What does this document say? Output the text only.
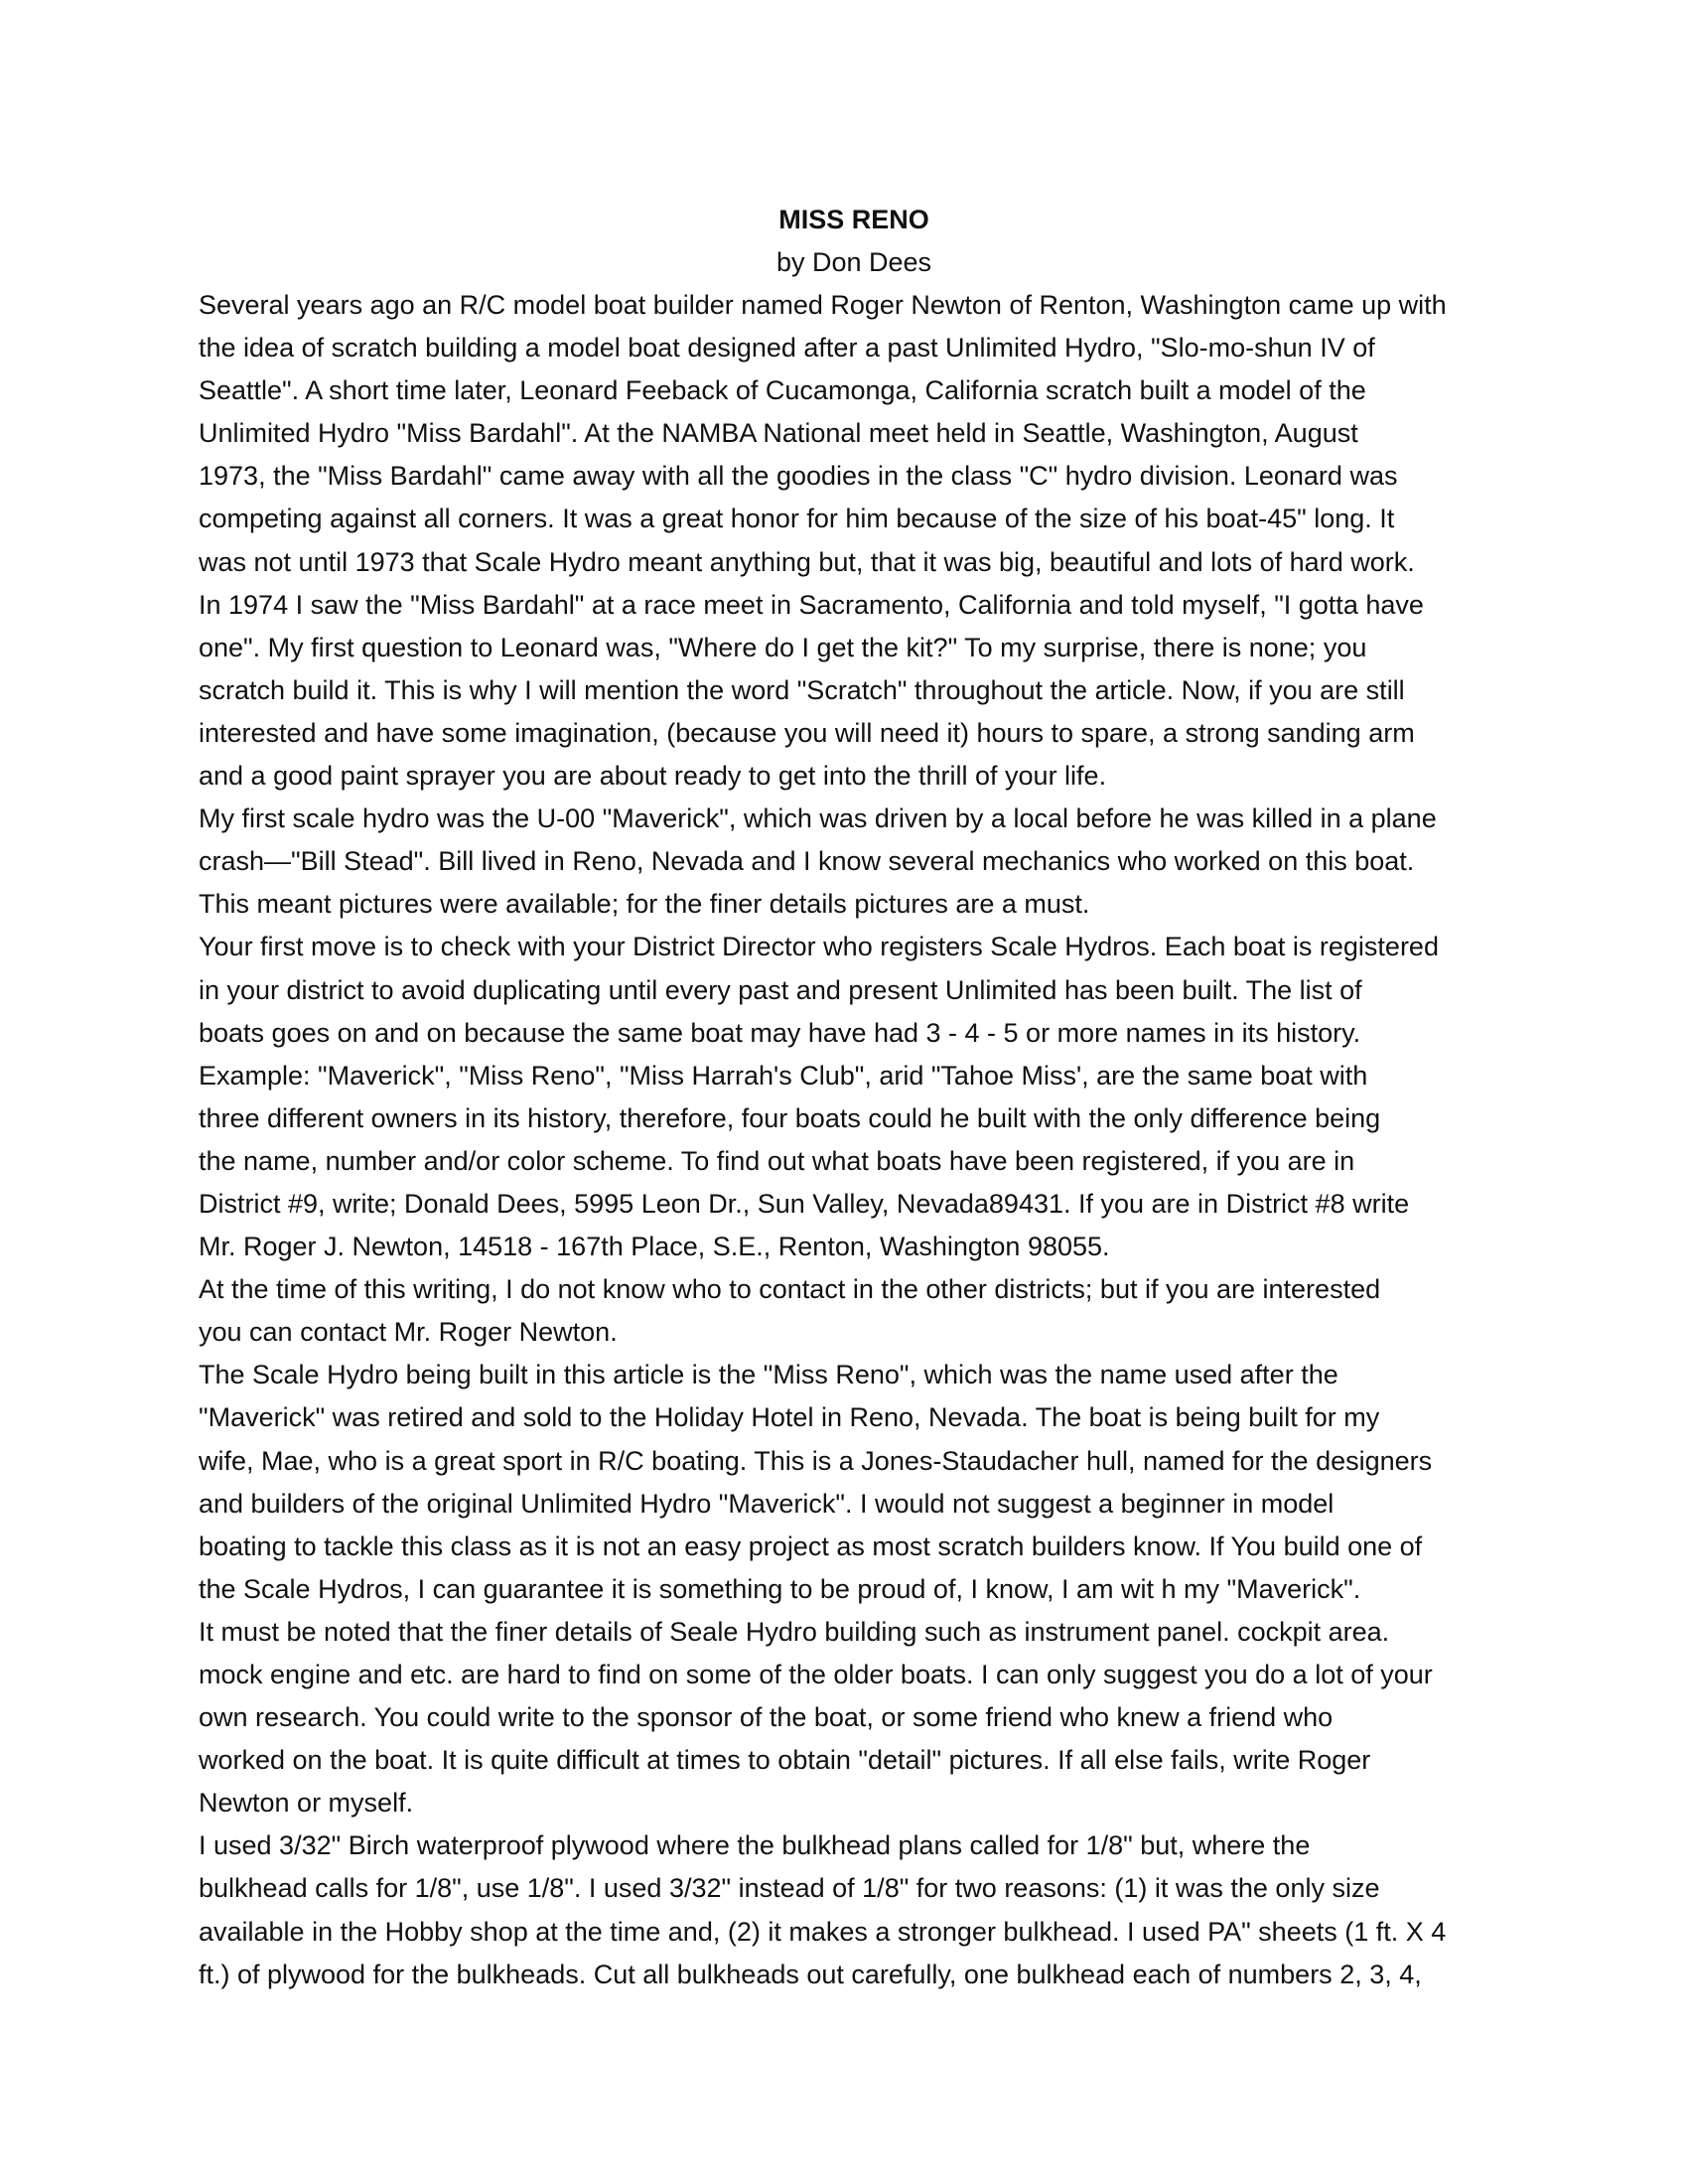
MISS RENO

by Don Dees

Several years ago an R/C model boat builder named Roger Newton of Renton, Washington came up with
the idea of scratch building a model boat designed after a past Unlimited Hydro, "Slo-mo-shun IV of
Seattle". A short time later, Leonard Feeback of Cucamonga, California scratch built a model of the
Unlimited Hydro "Miss Bardahl". At the NAMBA National meet held in Seattle, Washington, August
1973, the "Miss Bardahl" came away with all the goodies in the class "C" hydro division. Leonard was
competing against all corners. It was a great honor for him because of the size of his boat-45" long. It
was not until 1973 that Scale Hydro meant anything but, that it was big, beautiful and lots of hard work.
In 1974 I saw the "Miss Bardahl" at a race meet in Sacramento, California and told myself, "I gotta have
one". My first question to Leonard was, "Where do I get the kit?" To my surprise, there is none; you
scratch build it. This is why I will mention the word "Scratch" throughout the article. Now, if you are still
interested and have some imagination, (because you will need it) hours to spare, a strong sanding arm
and a good paint sprayer you are about ready to get into the thrill of your life.
My first scale hydro was the U-00 "Maverick", which was driven by a local before he was killed in a plane
crash—"Bill Stead". Bill lived in Reno, Nevada and I know several mechanics who worked on this boat.
This meant pictures were available; for the finer details pictures are a must.
Your first move is to check with your District Director who registers Scale Hydros. Each boat is registered
in your district to avoid duplicating until every past and present Unlimited has been built. The list of
boats goes on and on because the same boat may have had 3 - 4 - 5 or more names in its history.
Example: "Maverick", "Miss Reno", "Miss Harrah's Club", arid "Tahoe Miss', are the same boat with
three different owners in its history, therefore, four boats could he built with the only difference being
the name, number and/or color scheme. To find out what boats have been registered, if you are in
District #9, write; Donald Dees, 5995 Leon Dr., Sun Valley, Nevada89431. If you are in District #8 write
Mr. Roger J. Newton, 14518 - 167th Place, S.E., Renton, Washington 98055.
At the time of this writing, I do not know who to contact in the other districts; but if you are interested
you can contact Mr. Roger Newton.
The Scale Hydro being built in this article is the "Miss Reno", which was the name used after the
"Maverick" was retired and sold to the Holiday Hotel in Reno, Nevada. The boat is being built for my
wife, Mae, who is a great sport in R/C boating. This is a Jones-Staudacher hull, named for the designers
and builders of the original Unlimited Hydro "Maverick". I would not suggest a beginner in model
boating to tackle this class as it is not an easy project as most scratch builders know. If You build one of
the Scale Hydros, I can guarantee it is something to be proud of, I know, I am wit h my "Maverick".
It must be noted that the finer details of Seale Hydro building such as instrument panel. cockpit area.
mock engine and etc. are hard to find on some of the older boats. I can only suggest you do a lot of your
own research. You could write to the sponsor of the boat, or some friend who knew a friend who
worked on the boat. It is quite difficult at times to obtain "detail" pictures. If all else fails, write Roger
Newton or myself.
I used 3/32" Birch waterproof plywood where the bulkhead plans called for 1/8" but, where the
bulkhead calls for 1/8", use 1/8". I used 3/32" instead of 1/8" for two reasons: (1) it was the only size
available in the Hobby shop at the time and, (2) it makes a stronger bulkhead. I used PA" sheets (1 ft. X 4
ft.) of plywood for the bulkheads. Cut all bulkheads out carefully, one bulkhead each of numbers 2, 3, 4,
